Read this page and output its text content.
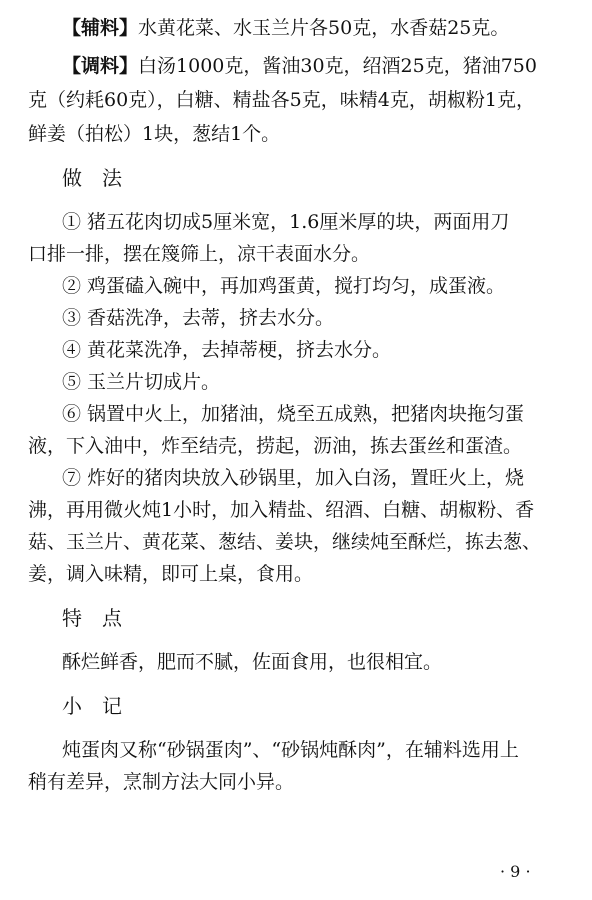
【辅料】水黄花菜、水玉兰片各50克，水香菇25克。
【调料】白汤1000克，酱油30克，绍酒25克，猪油750
克（约耗60克），白糖、精盐各5克，味精4克，胡椒粉1克，
鲜姜（拍松）1块，葱结1个。
做法
① 猪五花肉切成5厘米宽，1.6厘米厚的块，两面用刀
口排一排，摆在篾筛上，凉干表面水分。
② 鸡蛋磕入碗中，再加鸡蛋黄，搅打均匀，成蛋液。
③ 香菇洗净，去蒂，挤去水分。
④ 黄花菜洗净，去掉蒂梗，挤去水分。
⑤ 玉兰片切成片。
⑥ 锅置中火上，加猪油，烧至五成熟，把猪肉块拖匀蛋
液，下入油中，炸至结壳，捞起，沥油，拣去蛋丝和蛋渣。
⑦ 炸好的猪肉块放入砂锅里，加入白汤，置旺火上，烧
沸，再用微火炖1小时，加入精盐、绍酒、白糖、胡椒粉、香
菇、玉兰片、黄花菜、葱结、姜块，继续炖至酥烂，拣去葱、
姜，调入味精，即可上桌，食用。
特点
酥烂鲜香，肥而不腻，佐面食用，也很相宜。
小记
炖蛋肉又称“砂锅蛋肉”、“砂锅炖酥肉”，在辅料选用上
稍有差异，烹制方法大同小异。
· 9 ·
